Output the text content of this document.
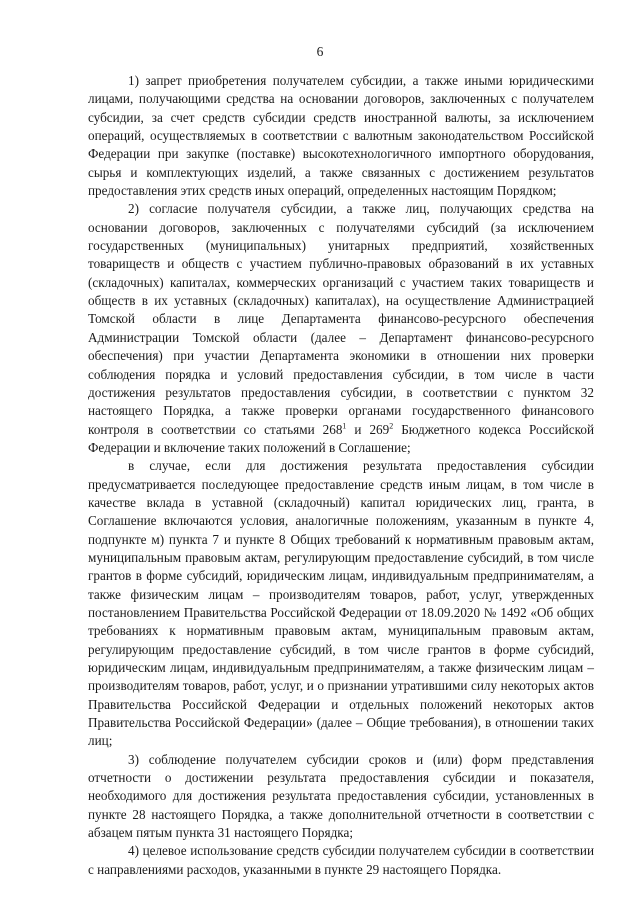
6

1) запрет приобретения получателем субсидии, а также иными юридическими лицами, получающими средства на основании договоров, заключенных с получателем субсидии, за счет средств субсидии средств иностранной валюты, за исключением операций, осуществляемых в соответствии с валютным законодательством Российской Федерации при закупке (поставке) высокотехнологичного импортного оборудования, сырья и комплектующих изделий, а также связанных с достижением результатов предоставления этих средств иных операций, определенных настоящим Порядком;

2) согласие получателя субсидии, а также лиц, получающих средства на основании договоров, заключенных с получателями субсидий (за исключением государственных (муниципальных) унитарных предприятий, хозяйственных товариществ и обществ с участием публично-правовых образований в их уставных (складочных) капиталах, коммерческих организаций с участием таких товариществ и обществ в их уставных (складочных) капиталах), на осуществление Администрацией Томской области в лице Департамента финансово-ресурсного обеспечения Администрации Томской области (далее – Департамент финансово-ресурсного обеспечения) при участии Департамента экономики в отношении них проверки соблюдения порядка и условий предоставления субсидии, в том числе в части достижения результатов предоставления субсидии, в соответствии с пунктом 32 настоящего Порядка, а также проверки органами государственного финансового контроля в соответствии со статьями $268^1$ и $269^2$ Бюджетного кодекса Российской Федерации и включение таких положений в Соглашение;

в случае, если для достижения результата предоставления субсидии предусматривается последующее предоставление средств иным лицам, в том числе в качестве вклада в уставной (складочный) капитал юридических лиц, гранта, в Соглашение включаются условия, аналогичные положениям, указанным в пункте 4, подпункте м) пункта 7 и пункте 8 Общих требований к нормативным правовым актам, муниципальным правовым актам, регулирующим предоставление субсидий, в том числе грантов в форме субсидий, юридическим лицам, индивидуальным предпринимателям, а также физическим лицам – производителям товаров, работ, услуг, утвержденных постановлением Правительства Российской Федерации от 18.09.2020 № 1492 «Об общих требованиях к нормативным правовым актам, муниципальным правовым актам, регулирующим предоставление субсидий, в том числе грантов в форме субсидий, юридическим лицам, индивидуальным предпринимателям, а также физическим лицам – производителям товаров, работ, услуг, и о признании утратившими силу некоторых актов Правительства Российской Федерации и отдельных положений некоторых актов Правительства Российской Федерации» (далее – Общие требования), в отношении таких лиц;

3) соблюдение получателем субсидии сроков и (или) форм представления отчетности о достижении результата предоставления субсидии и показателя, необходимого для достижения результата предоставления субсидии, установленных в пункте 28 настоящего Порядка, а также дополнительной отчетности в соответствии с абзацем пятым пункта 31 настоящего Порядка;

4) целевое использование средств субсидии получателем субсидии в соответствии с направлениями расходов, указанными в пункте 29 настоящего Порядка.
